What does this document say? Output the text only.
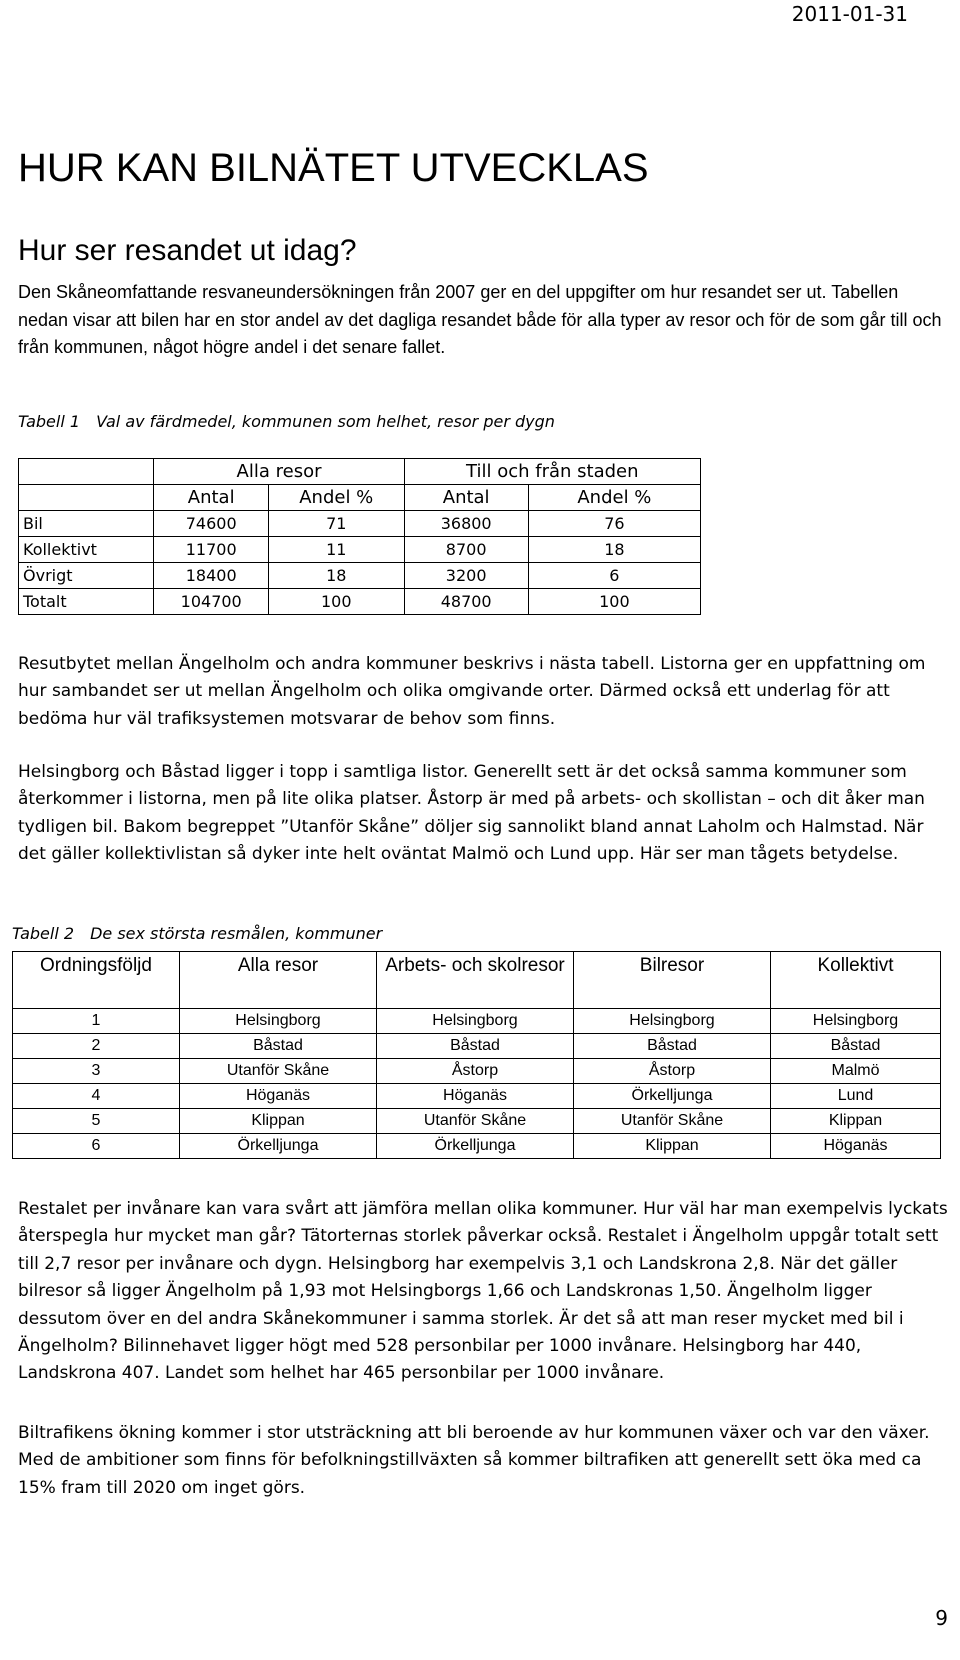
2011-01-31
HUR KAN BILNÄTET UTVECKLAS
Hur ser resandet ut idag?

Den Skåneomfattande resvaneundersökningen från 2007 ger en del uppgifter om hur resandet ser ut. Tabellen nedan visar att bilen har en stor andel av det dagliga resandet både för alla typer av resor och för de som går till och från kommunen, något högre andel i det senare fallet.

Tabell 1 Val av färdmedel, kommunen som helhet, resor per dygn

	Alla resor		Till och från staden	
	Antal	Andel %	Antal	Andel %
Bil	74600	71	36800	76
Kollektivt	11700	11	8700	18
Övrigt	18400	18	3200	6
Totalt	104700	100	48700	100

Resutbytet mellan Ängelholm och andra kommuner beskrivs i nästa tabell. Listorna ger en uppfattning om hur sambandet ser ut mellan Ängelholm och olika omgivande orter. Därmed också ett underlag för att bedöma hur väl trafiksystemen motsvarar de behov som finns.

Helsingborg och Båstad ligger i topp i samtliga listor. Generellt sett är det också samma kommuner som återkommer i listorna, men på lite olika platser. Åstorp är med på arbets- och skollistan – och dit åker man tydligen bil. Bakom begreppet ”Utanför Skåne” döljer sig sannolikt bland annat Laholm och Halmstad. När det gäller kollektivlistan så dyker inte helt oväntat Malmö och Lund upp. Här ser man tågets betydelse.

Tabell 2 De sex största resmålen, kommuner

Ordningsföljd	Alla resor	Arbets- och skolresor	Bilresor	Kollektivt
1	Helsingborg	Helsingborg	Helsingborg	Helsingborg
2	Båstad	Båstad	Båstad	Båstad
3	Utanför Skåne	Åstorp	Åstorp	Malmö
4	Höganäs	Höganäs	Örkelljunga	Lund
5	Klippan	Utanför Skåne	Utanför Skåne	Klippan
6	Örkelljunga	Örkelljunga	Klippan	Höganäs

Restalet per invånare kan vara svårt att jämföra mellan olika kommuner. Hur väl har man exempelvis lyckats återspegla hur mycket man går? Tätorternas storlek påverkar också. Restalet i Ängelholm uppgår totalt sett till 2,7 resor per invånare och dygn. Helsingborg har exempelvis 3,1 och Landskrona 2,8. När det gäller bilresor så ligger Ängelholm på 1,93 mot Helsingborgs 1,66 och Landskronas 1,50. Ängelholm ligger dessutom över en del andra Skånekommuner i samma storlek. Är det så att man reser mycket med bil i Ängelholm? Bilinnehavet ligger högt med 528 personbilar per 1000 invånare. Helsingborg har 440, Landskrona 407. Landet som helhet har 465 personbilar per 1000 invånare.

Biltrafikens ökning kommer i stor utsträckning att bli beroende av hur kommunen växer och var den växer. Med de ambitioner som finns för befolkningstillväxten så kommer biltrafiken att generellt sett öka med ca 15% fram till 2020 om inget görs.

9
